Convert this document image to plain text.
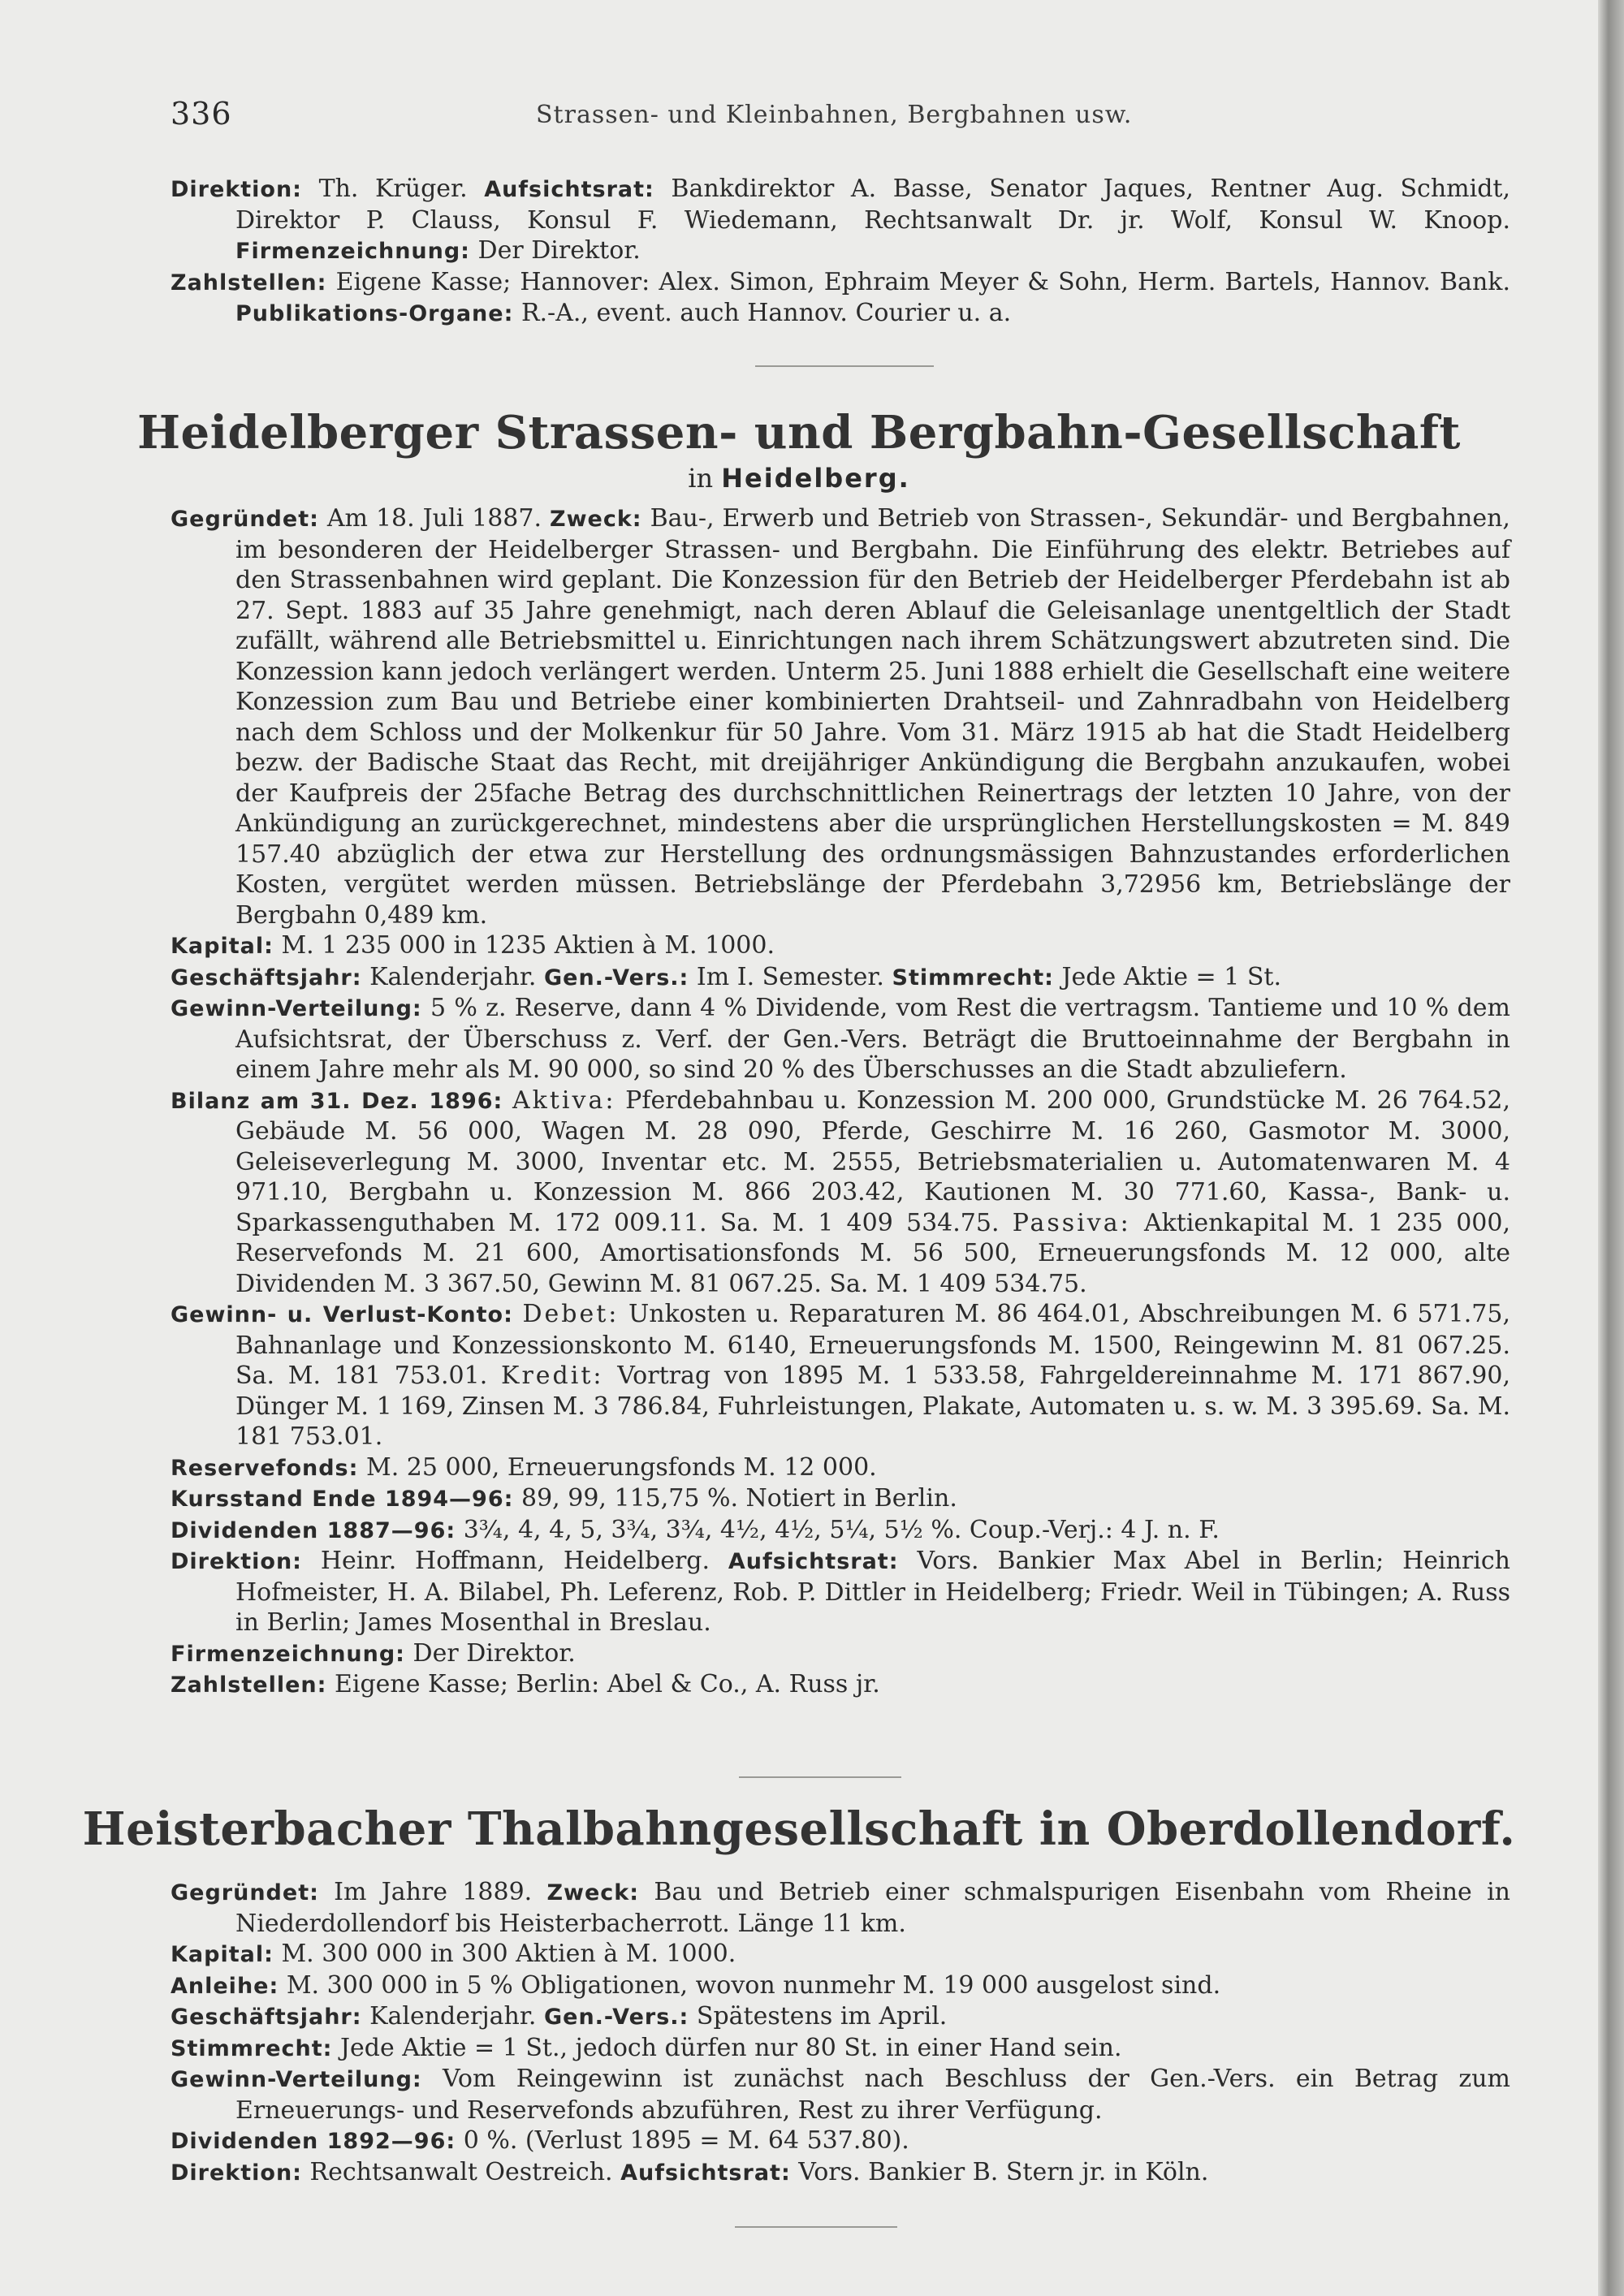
336	Strassen- und Kleinbahnen, Bergbahnen usw.

Direktion: Th. Krüger. Aufsichtsrat: Bankdirektor A. Basse, Senator Jaques, Rentner Aug. Schmidt, Direktor P. Clauss, Konsul F. Wiedemann, Rechtsanwalt Dr. jr. Wolf, Konsul W. Knoop. Firmenzeichnung: Der Direktor.

Zahlstellen: Eigene Kasse; Hannover: Alex. Simon, Ephraim Meyer & Sohn, Herm. Bartels, Hannov. Bank. Publikations-Organe: R.-A., event. auch Hannov. Courier u. a.

Heidelberger Strassen- und Bergbahn-Gesellschaft
in Heidelberg.

Gegründet: Am 18. Juli 1887. Zweck: Bau-, Erwerb und Betrieb von Strassen-, Sekundär- und Bergbahnen, im besonderen der Heidelberger Strassen- und Bergbahn. Die Einführung des elektr. Betriebes auf den Strassenbahnen wird geplant. Die Konzession für den Betrieb der Heidelberger Pferdebahn ist ab 27. Sept. 1883 auf 35 Jahre genehmigt, nach deren Ablauf die Geleisanlage unentgeltlich der Stadt zufällt, während alle Betriebsmittel u. Einrichtungen nach ihrem Schätzungswert abzutreten sind. Die Konzession kann jedoch verlängert werden. Unterm 25. Juni 1888 erhielt die Gesellschaft eine weitere Konzession zum Bau und Betriebe einer kombinierten Drahtseil- und Zahnradbahn von Heidelberg nach dem Schloss und der Molkenkur für 50 Jahre. Vom 31. März 1915 ab hat die Stadt Heidelberg bezw. der Badische Staat das Recht, mit dreijähriger Ankündigung die Bergbahn anzukaufen, wobei der Kaufpreis der 25fache Betrag des durchschnittlichen Reinertrags der letzten 10 Jahre, von der Ankündigung an zurückgerechnet, mindestens aber die ursprünglichen Herstellungskosten = M. 849 157.40 abzüglich der etwa zur Herstellung des ordnungsmässigen Bahnzustandes erforderlichen Kosten, vergütet werden müssen. Betriebslänge der Pferdebahn 3,72956 km, Betriebslänge der Bergbahn 0,489 km.

Kapital: M. 1 235 000 in 1235 Aktien à M. 1000.

Geschäftsjahr: Kalenderjahr. Gen.-Vers.: Im I. Semester. Stimmrecht: Jede Aktie = 1 St.

Gewinn-Verteilung: 5 % z. Reserve, dann 4 % Dividende, vom Rest die vertragsm. Tantieme und 10 % dem Aufsichtsrat, der Überschuss z. Verf. der Gen.-Vers. Beträgt die Bruttoeinnahme der Bergbahn in einem Jahre mehr als M. 90 000, so sind 20 % des Überschusses an die Stadt abzuliefern.

Bilanz am 31. Dez. 1896: Aktiva: Pferdebahnbau u. Konzession M. 200 000, Grundstücke M. 26 764.52, Gebäude M. 56 000, Wagen M. 28 090, Pferde, Geschirre M. 16 260, Gasmotor M. 3000, Geleiseverlegung M. 3000, Inventar etc. M. 2555, Betriebsmaterialien u. Automatenwaren M. 4 971.10, Bergbahn u. Konzession M. 866 203.42, Kautionen M. 30 771.60, Kassa-, Bank- u. Sparkassenguthaben M. 172 009.11. Sa. M. 1 409 534.75. Passiva: Aktienkapital M. 1 235 000, Reservefonds M. 21 600, Amortisationsfonds M. 56 500, Erneuerungsfonds M. 12 000, alte Dividenden M. 3 367.50, Gewinn M. 81 067.25. Sa. M. 1 409 534.75.

Gewinn- u. Verlust-Konto: Debet: Unkosten u. Reparaturen M. 86 464.01, Abschreibungen M. 6 571.75, Bahnanlage und Konzessionskonto M. 6140, Erneuerungsfonds M. 1500, Reingewinn M. 81 067.25. Sa. M. 181 753.01. Kredit: Vortrag von 1895 M. 1 533.58, Fahrgeldereinnahme M. 171 867.90, Dünger M. 1 169, Zinsen M. 3 786.84, Fuhrleistungen, Plakate, Automaten u. s. w. M. 3 395.69. Sa. M. 181 753.01.

Reservefonds: M. 25 000, Erneuerungsfonds M. 12 000.

Kursstand Ende 1894—96: 89, 99, 115,75 %. Notiert in Berlin.

Dividenden 1887—96: 3¾, 4, 4, 5, 3¾, 3¾, 4½, 4½, 5¼, 5½ %. Coup.-Verj.: 4 J. n. F.

Direktion: Heinr. Hoffmann, Heidelberg. Aufsichtsrat: Vors. Bankier Max Abel in Berlin; Heinrich Hofmeister, H. A. Bilabel, Ph. Leferenz, Rob. P. Dittler in Heidelberg; Friedr. Weil in Tübingen; A. Russ in Berlin; James Mosenthal in Breslau.

Firmenzeichnung: Der Direktor.

Zahlstellen: Eigene Kasse; Berlin: Abel & Co., A. Russ jr.

Heisterbacher Thalbahngesellschaft in Oberdollendorf.

Gegründet: Im Jahre 1889. Zweck: Bau und Betrieb einer schmalspurigen Eisenbahn vom Rheine in Niederdollendorf bis Heisterbacherrott. Länge 11 km.

Kapital: M. 300 000 in 300 Aktien à M. 1000.

Anleihe: M. 300 000 in 5 % Obligationen, wovon nunmehr M. 19 000 ausgelost sind.

Geschäftsjahr: Kalenderjahr. Gen.-Vers.: Spätestens im April.

Stimmrecht: Jede Aktie = 1 St., jedoch dürfen nur 80 St. in einer Hand sein.

Gewinn-Verteilung: Vom Reingewinn ist zunächst nach Beschluss der Gen.-Vers. ein Betrag zum Erneuerungs- und Reservefonds abzuführen, Rest zu ihrer Verfügung.

Dividenden 1892—96: 0 %. (Verlust 1895 = M. 64 537.80).

Direktion: Rechtsanwalt Oestreich. Aufsichtsrat: Vors. Bankier B. Stern jr. in Köln.
